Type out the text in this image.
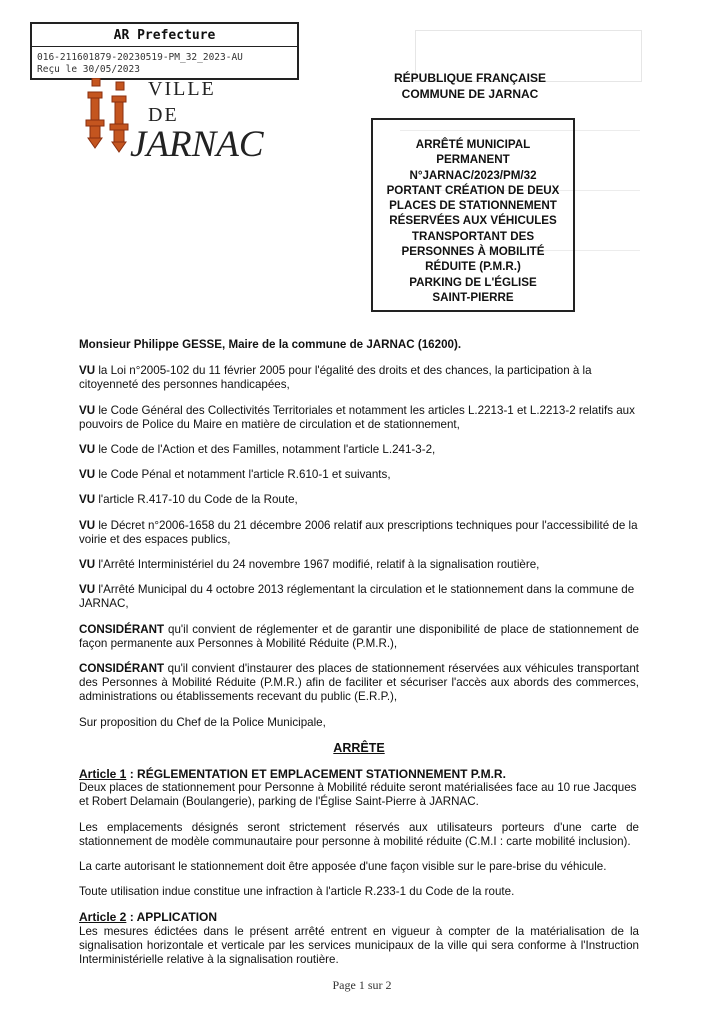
AR Prefecture
016-211601879-20230519-PM_32_2023-AU
Reçu le 30/05/2023
VILLE
DE
JARNAC
RÉPUBLIQUE FRANÇAISE
COMMUNE DE JARNAC
ARRÊTÉ MUNICIPAL
PERMANENT
N°JARNAC/2023/PM/32
PORTANT CRÉATION DE DEUX
PLACES DE STATIONNEMENT
RÉSERVÉES AUX VÉHICULES
TRANSPORTANT DES
PERSONNES À MOBILITÉ
RÉDUITE (P.M.R.)
PARKING DE L'ÉGLISE
SAINT-PIERRE

Monsieur Philippe GESSE, Maire de la commune de JARNAC (16200).

VU la Loi n°2005-102 du 11 février 2005 pour l'égalité des droits et des chances, la participation à la citoyenneté des personnes handicapées,

VU le Code Général des Collectivités Territoriales et notamment les articles L.2213-1 et L.2213-2 relatifs aux pouvoirs de Police du Maire en matière de circulation et de stationnement,

VU le Code de l'Action et des Familles, notamment l'article L.241-3-2,

VU le Code Pénal et notamment l'article R.610-1 et suivants,

VU l'article R.417-10 du Code de la Route,

VU le Décret n°2006-1658 du 21 décembre 2006 relatif aux prescriptions techniques pour l'accessibilité de la voirie et des espaces publics,

VU l'Arrêté Interministériel du 24 novembre 1967 modifié, relatif à la signalisation routière,

VU l'Arrêté Municipal du 4 octobre 2013 réglementant la circulation et le stationnement dans la commune de JARNAC,

CONSIDÉRANT qu'il convient de réglementer et de garantir une disponibilité de place de stationnement de façon permanente aux Personnes à Mobilité Réduite (P.M.R.),

CONSIDÉRANT qu'il convient d'instaurer des places de stationnement réservées aux véhicules transportant des Personnes à Mobilité Réduite (P.M.R.) afin de faciliter et sécuriser l'accès aux abords des commerces, administrations ou établissements recevant du public (E.R.P.),

Sur proposition du Chef de la Police Municipale,

ARRÊTE

Article 1 : RÉGLEMENTATION ET EMPLACEMENT STATIONNEMENT P.M.R.

Deux places de stationnement pour Personne à Mobilité réduite seront matérialisées face au 10 rue Jacques et Robert Delamain (Boulangerie), parking de l'Église Saint-Pierre à JARNAC.

Les emplacements désignés seront strictement réservés aux utilisateurs porteurs d'une carte de stationnement de modèle communautaire pour personne à mobilité réduite (C.M.I : carte mobilité inclusion).

La carte autorisant le stationnement doit être apposée d'une façon visible sur le pare-brise du véhicule.

Toute utilisation indue constitue une infraction à l'article R.233-1 du Code de la route.

Article 2 : APPLICATION

Les mesures édictées dans le présent arrêté entrent en vigueur à compter de la matérialisation de la signalisation horizontale et verticale par les services municipaux de la ville qui sera conforme à l'Instruction Interministérielle relative à la signalisation routière.

Page 1 sur 2
